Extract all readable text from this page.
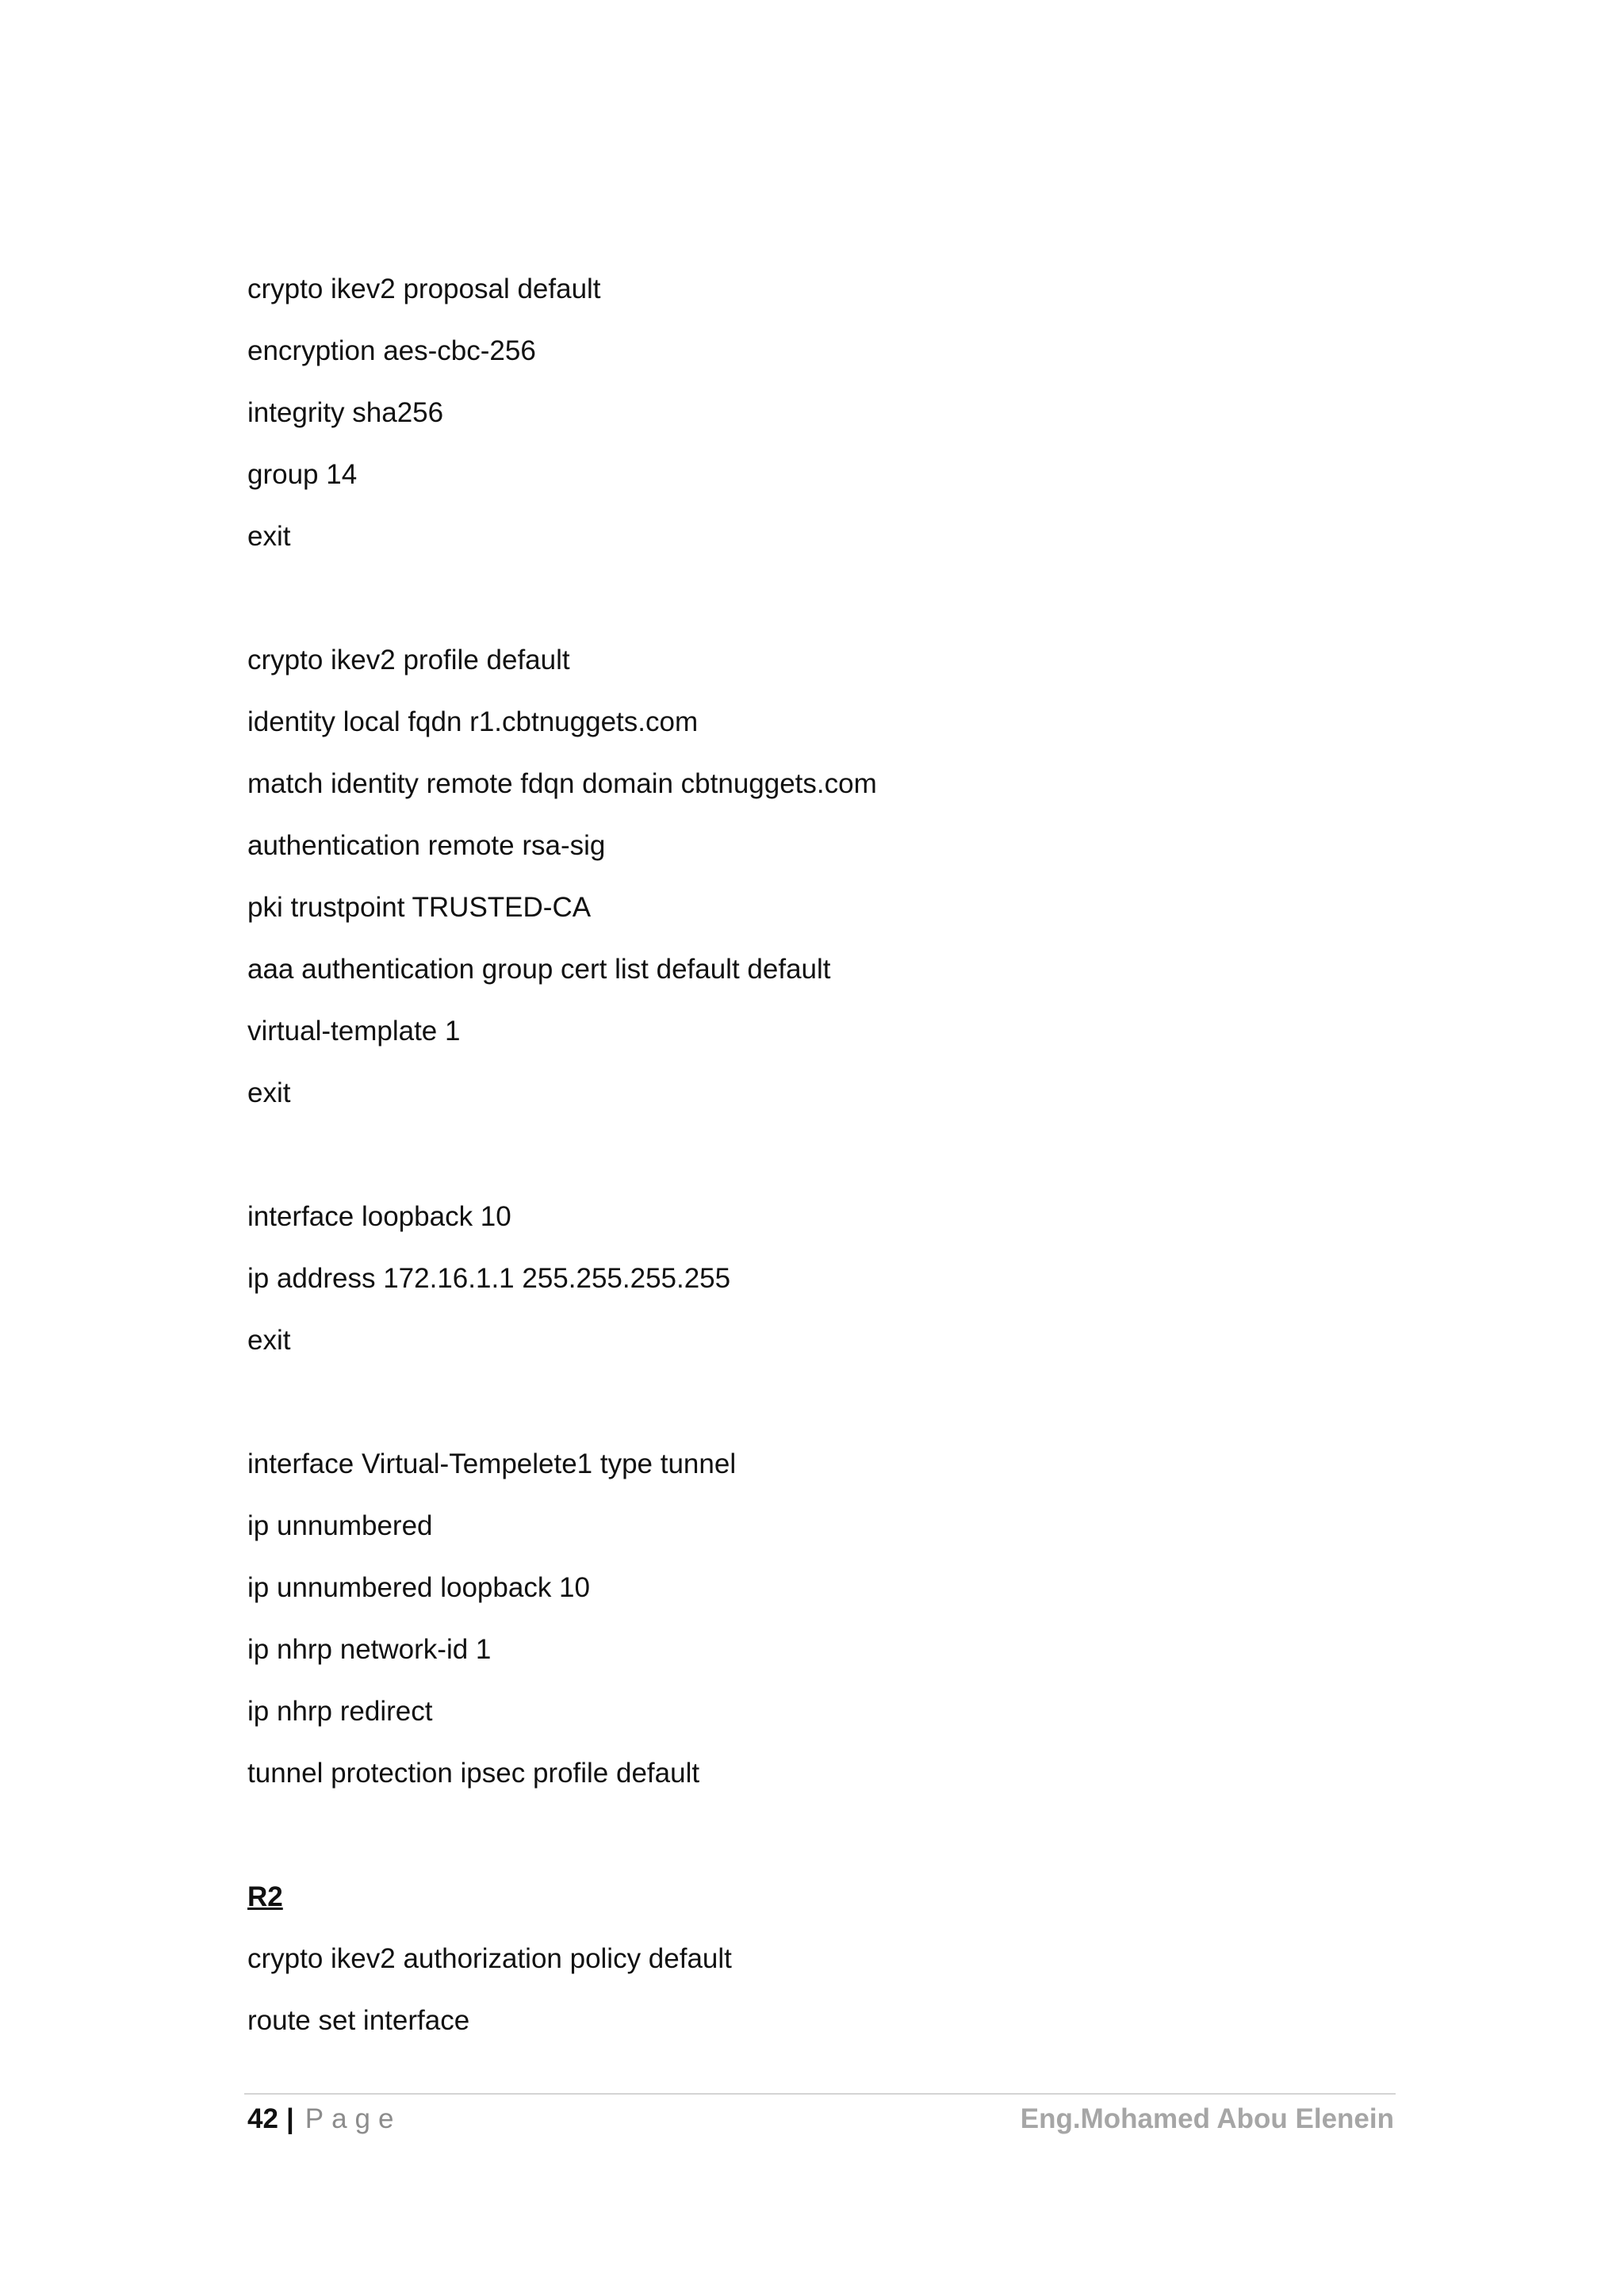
crypto ikev2 proposal default
encryption aes-cbc-256
integrity sha256
group 14
exit
crypto ikev2 profile default
identity local fqdn r1.cbtnuggets.com
match identity remote fdqn domain cbtnuggets.com
authentication remote rsa-sig
pki trustpoint TRUSTED-CA
aaa authentication group cert list default default
virtual-template 1
exit
interface loopback 10
ip address 172.16.1.1 255.255.255.255
exit
interface Virtual-Tempelete1 type tunnel
ip unnumbered
ip unnumbered loopback 10
ip nhrp network-id 1
ip nhrp redirect
tunnel protection ipsec profile default
R2
crypto ikev2 authorization policy default
route set interface
42 | Page	Eng.Mohamed Abou Elenein
